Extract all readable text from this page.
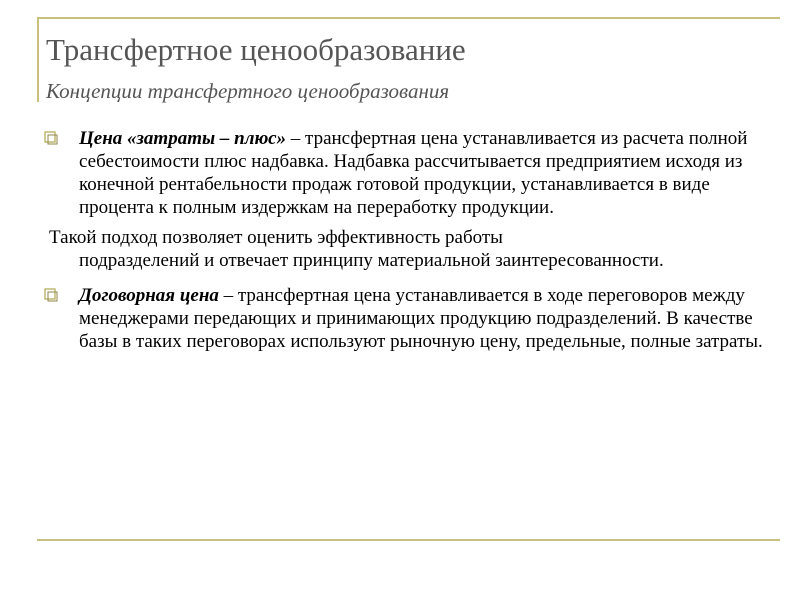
Трансфертное ценообразование
Концепции трансфертного ценообразования
Цена «затраты – плюс» – трансфертная цена устанавливается из расчета полной себестоимости плюс надбавка. Надбавка рассчитывается предприятием исходя из конечной рентабельности продаж готовой продукции, устанавливается в виде процента к полным издержкам на переработку продукции.
Такой подход позволяет оценить эффективность работы
подразделений и отвечает принципу материальной заинтересованности.
Договорная цена – трансфертная цена устанавливается в ходе переговоров между менеджерами передающих и принимающих продукцию подразделений. В качестве базы в таких переговорах используют рыночную цену, предельные, полные затраты.
